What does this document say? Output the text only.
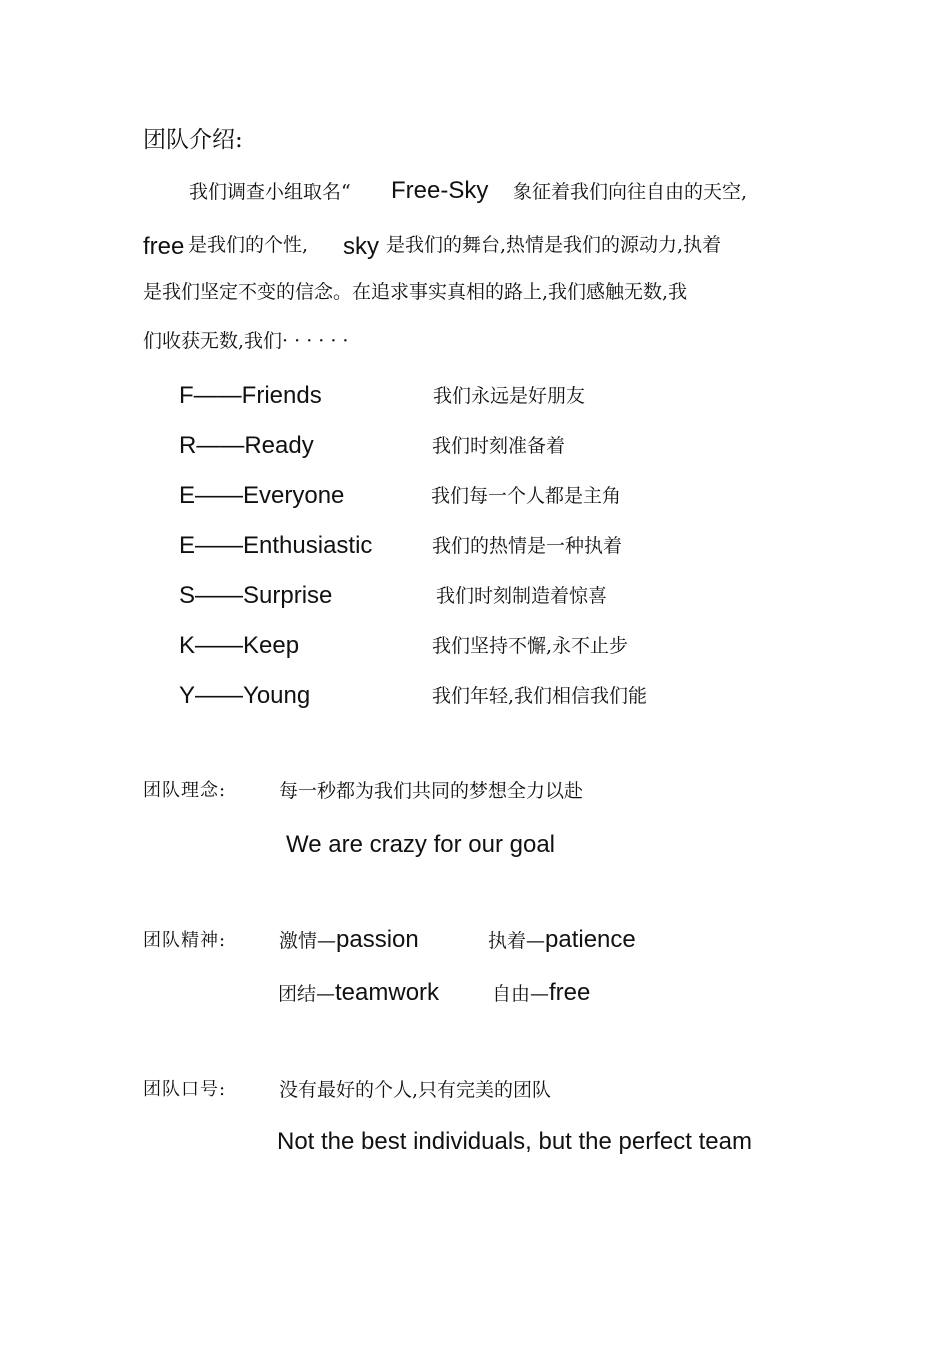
团队介绍:
我们调查小组取名“ Free-Sky 象征着我们向往自由的天空,
free 是我们的个性, sky 是我们的舞台,热情是我们的源动力,执着
是我们坚定不变的信念。在追求事实真相的路上,我们感触无数,我
们收获无数,我们· · · · · ·
F——Friends	我们永远是好朋友
R——Ready	我们时刻准备着
E——Everyone	我们每一个人都是主角
E——Enthusiastic	我们的热情是一种执着
S——Surprise	我们时刻制造着惊喜
K——Keep	我们坚持不懈,永不止步
Y——Young	我们年轻,我们相信我们能
团队理念:	每一秒都为我们共同的梦想全力以赴
We are crazy for our goal
团队精神:	激情—passion	执着—patience
团结—teamwork	自由—free
团队口号:	没有最好的个人,只有完美的团队
Not the best individuals, but the perfect team
